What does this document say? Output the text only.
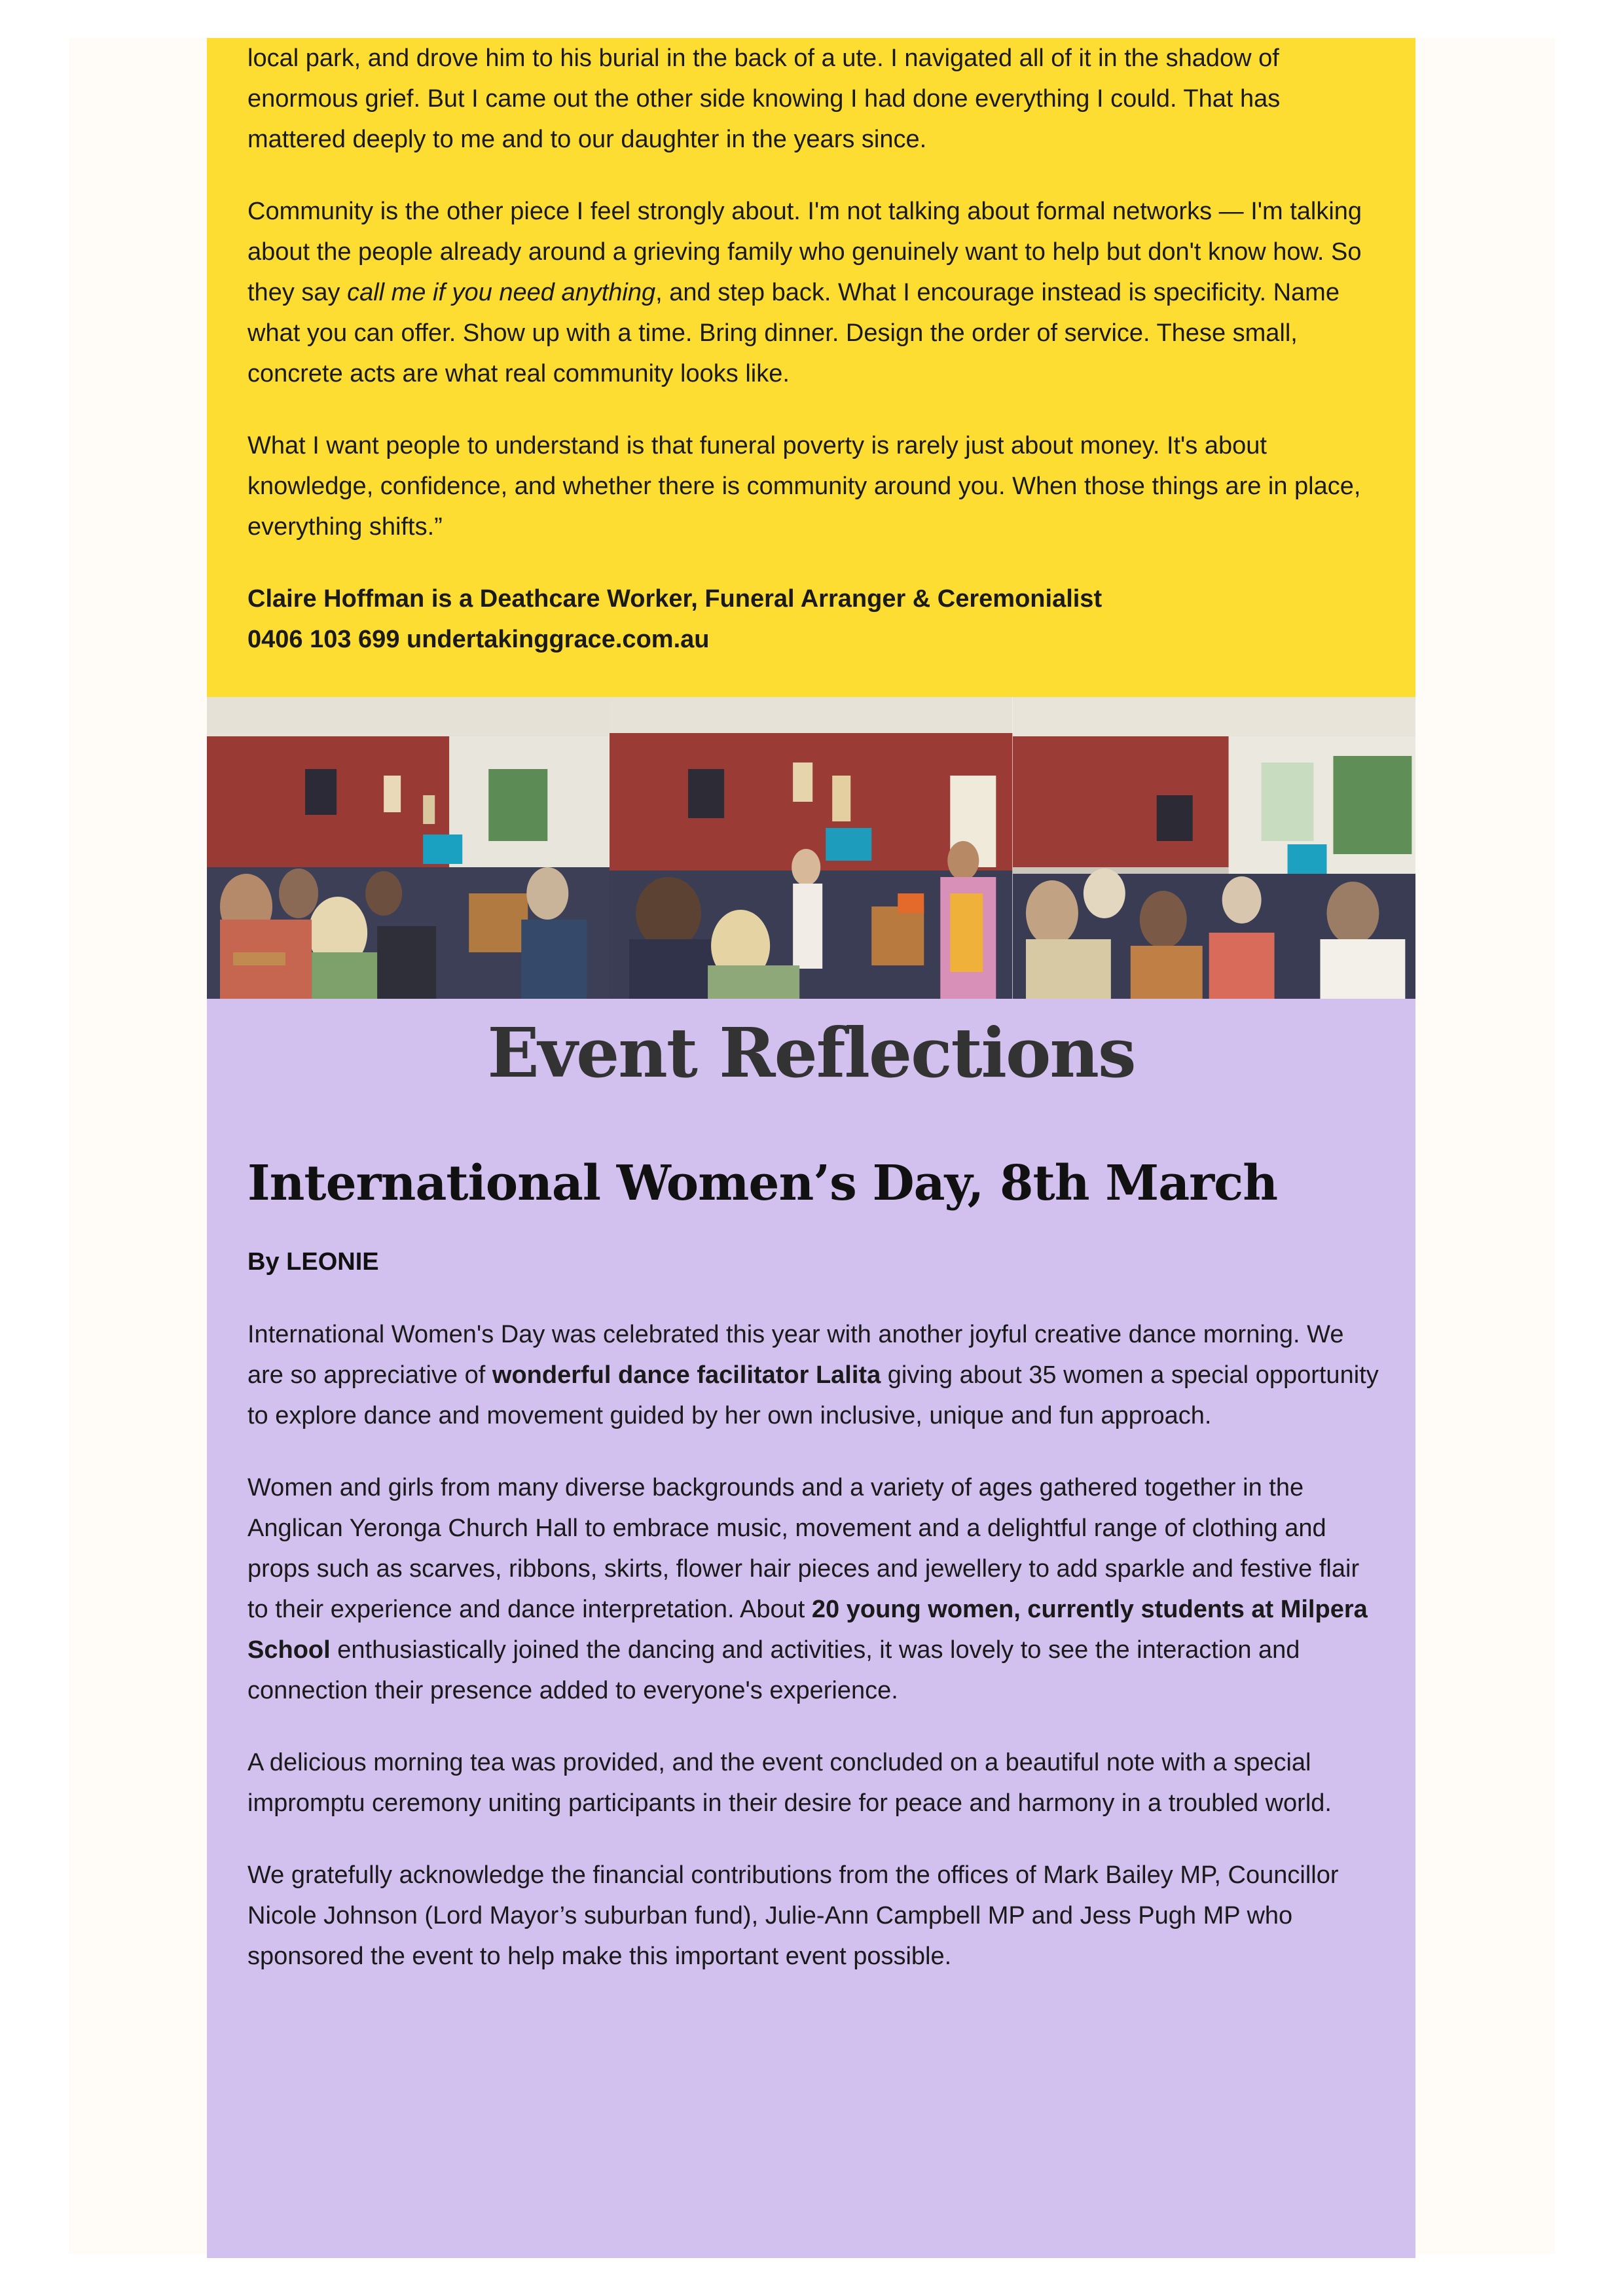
local park, and drove him to his burial in the back of a ute. I navigated all of it in the shadow of enormous grief. But I came out the other side knowing I had done everything I could. That has mattered deeply to me and to our daughter in the years since.

Community is the other piece I feel strongly about. I'm not talking about formal networks — I'm talking about the people already around a grieving family who genuinely want to help but don't know how. So they say call me if you need anything, and step back. What I encourage instead is specificity. Name what you can offer. Show up with a time. Bring dinner. Design the order of service. These small, concrete acts are what real community looks like.

What I want people to understand is that funeral poverty is rarely just about money. It's about knowledge, confidence, and whether there is community around you. When those things are in place, everything shifts.”

Claire Hoffman is a Deathcare Worker, Funeral Arranger & Ceremonialist

0406 103 699 undertakinggrace.com.au

Event Reflections
International Women’s Day, 8th March
By LEONIE

International Women's Day was celebrated this year with another joyful creative dance morning. We are so appreciative of wonderful dance facilitator Lalita giving about 35 women a special opportunity to explore dance and movement guided by her own inclusive, unique and fun approach.

Women and girls from many diverse backgrounds and a variety of ages gathered together in the Anglican Yeronga Church Hall to embrace music, movement and a delightful range of clothing and props such as scarves, ribbons, skirts, flower hair pieces and jewellery to add sparkle and festive flair to their experience and dance interpretation. About 20 young women, currently students at Milpera School enthusiastically joined the dancing and activities, it was lovely to see the interaction and connection their presence added to everyone's experience.

A delicious morning tea was provided, and the event concluded on a beautiful note with a special impromptu ceremony uniting participants in their desire for peace and harmony in a troubled world.

We gratefully acknowledge the financial contributions from the offices of Mark Bailey MP, Councillor Nicole Johnson (Lord Mayor’s suburban fund), Julie-Ann Campbell MP and Jess Pugh MP who sponsored the event to help make this important event possible.
